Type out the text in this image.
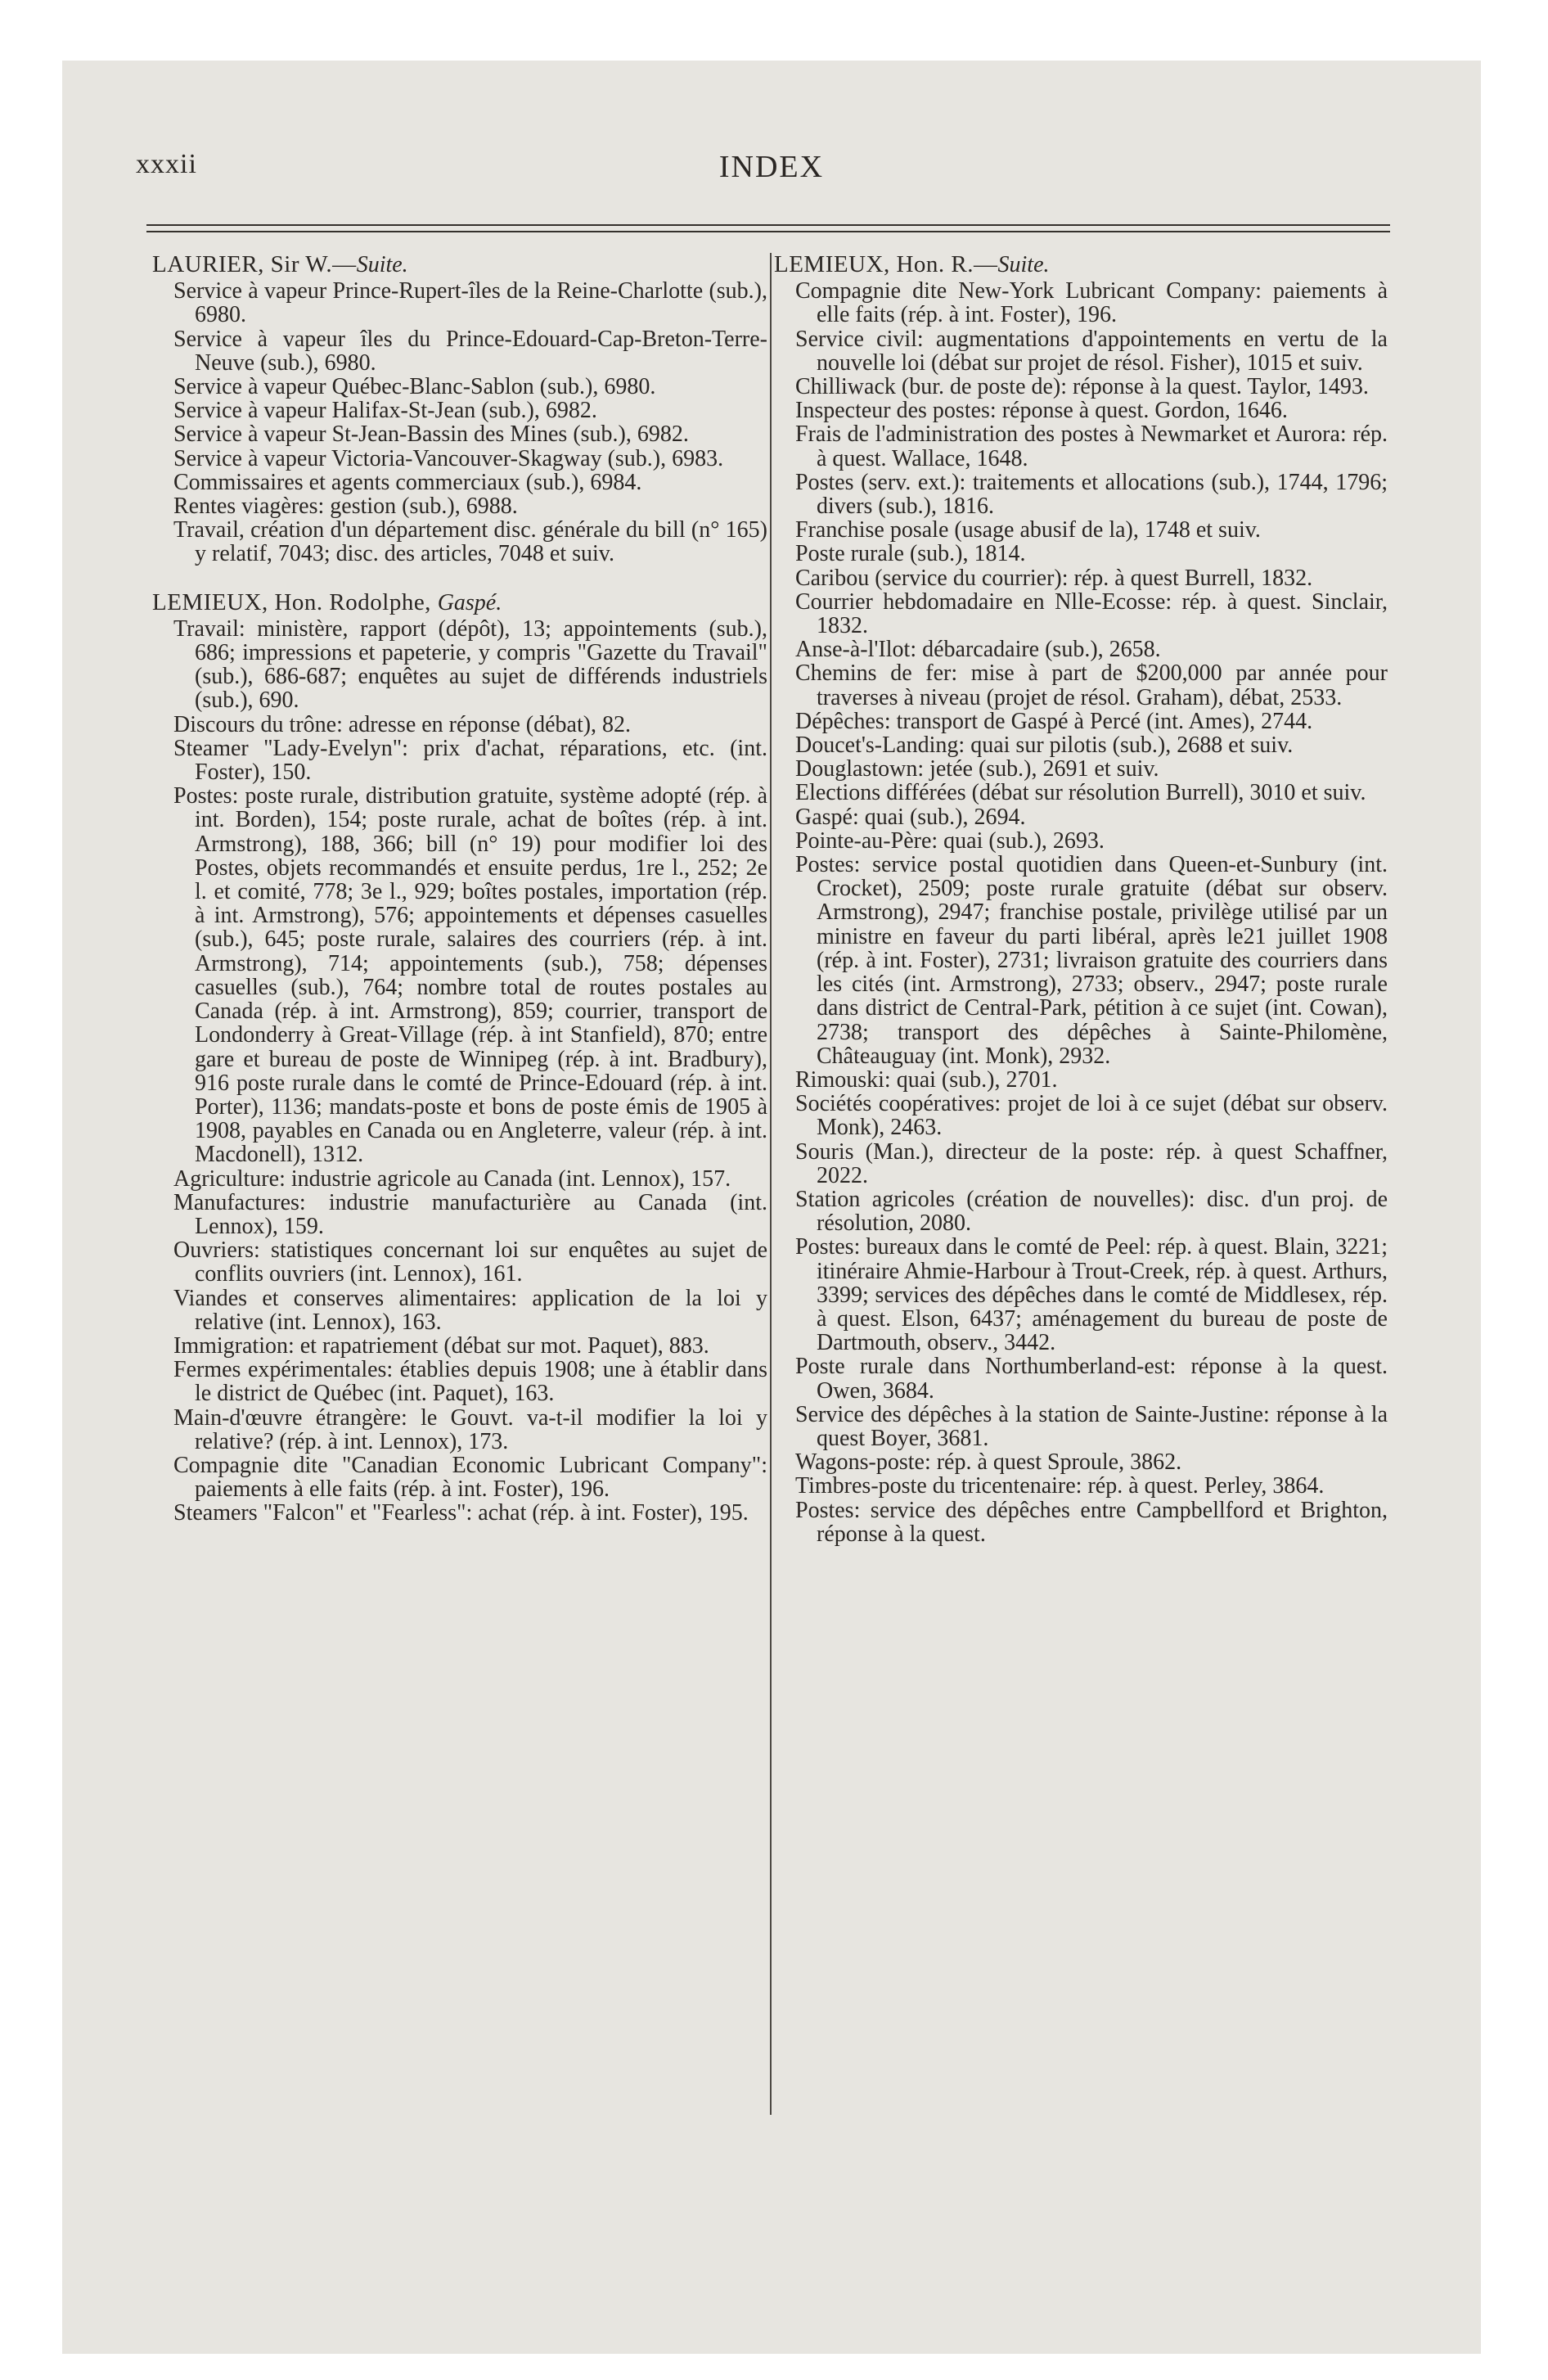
xxxii	INDEX

LAURIER, Sir W.—Suite.

Service à vapeur Prince-Rupert-îles de la Reine-Charlotte (sub.), 6980.

Service à vapeur îles du Prince-Edouard-Cap-Breton-Terre-Neuve (sub.), 6980.

Service à vapeur Québec-Blanc-Sablon (sub.), 6980.

Service à vapeur Halifax-St-Jean (sub.), 6982.

Service à vapeur St-Jean-Bassin des Mines (sub.), 6982.

Service à vapeur Victoria-Vancouver-Skagway (sub.), 6983.

Commissaires et agents commerciaux (sub.), 6984.

Rentes viagères: gestion (sub.), 6988.

Travail, création d'un département disc. générale du bill (n° 165) y relatif, 7043; disc. des articles, 7048 et suiv.

LEMIEUX, Hon. Rodolphe, Gaspé.

Travail: ministère, rapport (dépôt), 13; appointements (sub.), 686; impressions et papeterie, y compris "Gazette du Travail" (sub.), 686-687; enquêtes au sujet de différends industriels (sub.), 690.

Discours du trône: adresse en réponse (débat), 82.

Steamer "Lady-Evelyn": prix d'achat, réparations, etc. (int. Foster), 150.

Postes: poste rurale, distribution gratuite, système adopté (rép. à int. Borden), 154; poste rurale, achat de boîtes (rép. à int. Armstrong), 188, 366; bill (n° 19) pour modifier loi des Postes, objets recommandés et ensuite perdus, 1re l., 252; 2e l. et comité, 778; 3e l., 929; boîtes postales, importation (rép. à int. Armstrong), 576; appointements et dépenses casuelles (sub.), 645; poste rurale, salaires des courriers (rép. à int. Armstrong), 714; appointements (sub.), 758; dépenses casuelles (sub.), 764; nombre total de routes postales au Canada (rép. à int. Armstrong), 859; courrier, transport de Londonderry à Great-Village (rép. à int Stanfield), 870; entre gare et bureau de poste de Winnipeg (rép. à int. Bradbury), 916 poste rurale dans le comté de Prince-Edouard (rép. à int. Porter), 1136; mandats-poste et bons de poste émis de 1905 à 1908, payables en Canada ou en Angleterre, valeur (rép. à int. Macdonell), 1312.

Agriculture: industrie agricole au Canada (int. Lennox), 157.

Manufactures: industrie manufacturière au Canada (int. Lennox), 159.

Ouvriers: statistiques concernant loi sur enquêtes au sujet de conflits ouvriers (int. Lennox), 161.

Viandes et conserves alimentaires: application de la loi y relative (int. Lennox), 163.

Immigration: et rapatriement (débat sur mot. Paquet), 883.

Fermes expérimentales: établies depuis 1908; une à établir dans le district de Québec (int. Paquet), 163.

Main-d'œuvre étrangère: le Gouvt. va-t-il modifier la loi y relative? (rép. à int. Lennox), 173.

Compagnie dite "Canadian Economic Lubricant Company": paiements à elle faits (rép. à int. Foster), 196.

Steamers "Falcon" et "Fearless": achat (rép. à int. Foster), 195.

LEMIEUX, Hon. R.—Suite.

Compagnie dite New-York Lubricant Company: paiements à elle faits (rép. à int. Foster), 196.

Service civil: augmentations d'appointements en vertu de la nouvelle loi (débat sur projet de résol. Fisher), 1015 et suiv.

Chilliwack (bur. de poste de): réponse à la quest. Taylor, 1493.

Inspecteur des postes: réponse à quest. Gordon, 1646.

Frais de l'administration des postes à Newmarket et Aurora: rép. à quest. Wallace, 1648.

Postes (serv. ext.): traitements et allocations (sub.), 1744, 1796; divers (sub.), 1816.

Franchise posale (usage abusif de la), 1748 et suiv.

Poste rurale (sub.), 1814.

Caribou (service du courrier): rép. à quest Burrell, 1832.

Courrier hebdomadaire en Nlle-Ecosse: rép. à quest. Sinclair, 1832.

Anse-à-l'Ilot: débarcadaire (sub.), 2658.

Chemins de fer: mise à part de $200,000 par année pour traverses à niveau (projet de résol. Graham), débat, 2533.

Dépêches: transport de Gaspé à Percé (int. Ames), 2744.

Doucet's-Landing: quai sur pilotis (sub.), 2688 et suiv.

Douglastown: jetée (sub.), 2691 et suiv.

Elections différées (débat sur résolution Burrell), 3010 et suiv.

Gaspé: quai (sub.), 2694.

Pointe-au-Père: quai (sub.), 2693.

Postes: service postal quotidien dans Queen-et-Sunbury (int. Crocket), 2509; poste rurale gratuite (débat sur observ. Armstrong), 2947; franchise postale, privilège utilisé par un ministre en faveur du parti libéral, après le21 juillet 1908 (rép. à int. Foster), 2731; livraison gratuite des courriers dans les cités (int. Armstrong), 2733; observ., 2947; poste rurale dans district de Central-Park, pétition à ce sujet (int. Cowan), 2738; transport des dépêches à Sainte-Philomène, Châteauguay (int. Monk), 2932.

Rimouski: quai (sub.), 2701.

Sociétés coopératives: projet de loi à ce sujet (débat sur observ. Monk), 2463.

Souris (Man.), directeur de la poste: rép. à quest Schaffner, 2022.

Station agricoles (création de nouvelles): disc. d'un proj. de résolution, 2080.

Postes: bureaux dans le comté de Peel: rép. à quest. Blain, 3221; itinéraire Ahmie-Harbour à Trout-Creek, rép. à quest. Arthurs, 3399; services des dépêches dans le comté de Middlesex, rép. à quest. Elson, 6437; aménagement du bureau de poste de Dartmouth, observ., 3442.

Poste rurale dans Northumberland-est: réponse à la quest. Owen, 3684.

Service des dépêches à la station de Sainte-Justine: réponse à la quest Boyer, 3681.

Wagons-poste: rép. à quest Sproule, 3862.

Timbres-poste du tricentenaire: rép. à quest. Perley, 3864.

Postes: service des dépêches entre Campbellford et Brighton, réponse à la quest.
